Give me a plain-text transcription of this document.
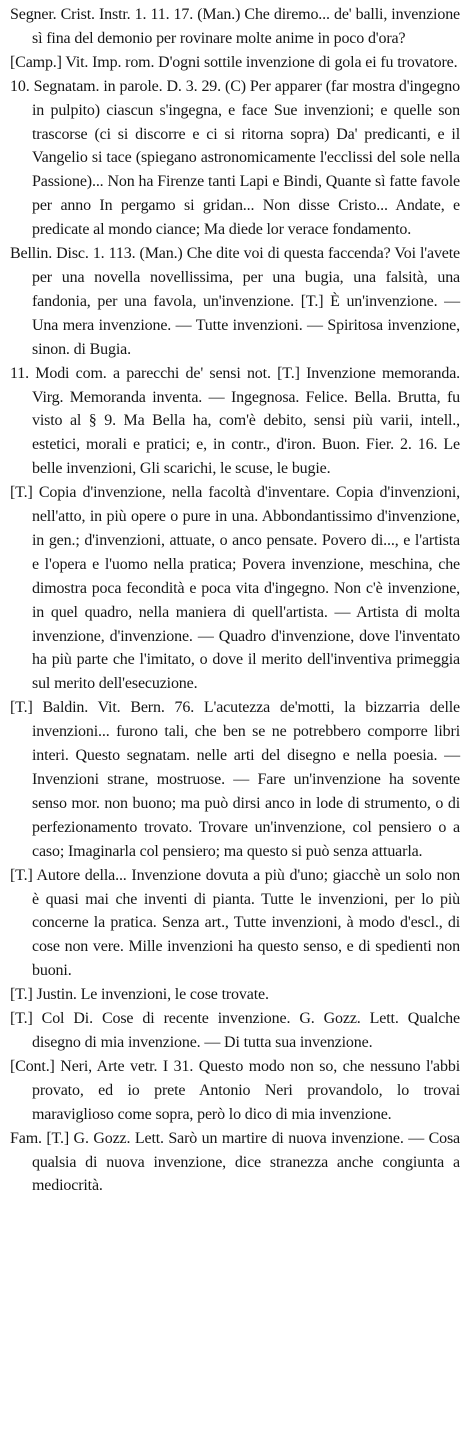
Segner. Crist. Instr. 1. 11. 17. (Man.) Che diremo... de' balli, invenzione sì fina del demonio per rovinare molte anime in poco d'ora?

[Camp.] Vit. Imp. rom. D'ogni sottile invenzione di gola ei fu trovatore.

10. Segnatam. in parole. D. 3. 29. (C) Per apparer (far mostra d'ingegno in pulpito) ciascun s'ingegna, e face Sue invenzioni; e quelle son trascorse (ci si discorre e ci si ritorna sopra) Da' predicanti, e il Vangelio si tace (spiegano astronomicamente l'ecclissi del sole nella Passione)... Non ha Firenze tanti Lapi e Bindi, Quante sì fatte favole per anno In pergamo si gridan... Non disse Cristo... Andate, e predicate al mondo ciance; Ma diede lor verace fondamento.

Bellin. Disc. 1. 113. (Man.) Che dite voi di questa faccenda? Voi l'avete per una novella novellissima, per una bugia, una falsità, una fandonia, per una favola, un'invenzione. [T.] È un'invenzione. — Una mera invenzione. — Tutte invenzioni. — Spiritosa invenzione, sinon. di Bugia.

11. Modi com. a parecchi de' sensi not. [T.] Invenzione memoranda. Virg. Memoranda inventa. — Ingegnosa. Felice. Bella. Brutta, fu visto al § 9. Ma Bella ha, com'è debito, sensi più varii, intell., estetici, morali e pratici; e, in contr., d'iron. Buon. Fier. 2. 16. Le belle invenzioni, Gli scarichi, le scuse, le bugie.

[T.] Copia d'invenzione, nella facoltà d'inventare. Copia d'invenzioni, nell'atto, in più opere o pure in una. Abbondantissimo d'invenzione, in gen.; d'invenzioni, attuate, o anco pensate. Povero di..., e l'artista e l'opera e l'uomo nella pratica; Povera invenzione, meschina, che dimostra poca fecondità e poca vita d'ingegno. Non c'è invenzione, in quel quadro, nella maniera di quell'artista. — Artista di molta invenzione, d'invenzione. — Quadro d'invenzione, dove l'inventato ha più parte che l'imitato, o dove il merito dell'inventiva primeggia sul merito dell'esecuzione.

[T.] Baldin. Vit. Bern. 76. L'acutezza de'motti, la bizzarria delle invenzioni... furono tali, che ben se ne potrebbero comporre libri interi. Questo segnatam. nelle arti del disegno e nella poesia. — Invenzioni strane, mostruose. — Fare un'invenzione ha sovente senso mor. non buono; ma può dirsi anco in lode di strumento, o di perfezionamento trovato. Trovare un'invenzione, col pensiero o a caso; Imaginarla col pensiero; ma questo si può senza attuarla.

[T.] Autore della... Invenzione dovuta a più d'uno; giacchè un solo non è quasi mai che inventi di pianta. Tutte le invenzioni, per lo più concerne la pratica. Senza art., Tutte invenzioni, à modo d'escl., di cose non vere. Mille invenzioni ha questo senso, e di spedienti non buoni.

[T.] Justin. Le invenzioni, le cose trovate.

[T.] Col Di. Cose di recente invenzione. G. Gozz. Lett. Qualche disegno di mia invenzione. — Di tutta sua invenzione.

[Cont.] Neri, Arte vetr. I 31. Questo modo non so, che nessuno l'abbi provato, ed io prete Antonio Neri provandolo, lo trovai maraviglioso come sopra, però lo dico di mia invenzione.

Fam. [T.] G. Gozz. Lett. Sarò un martire di nuova invenzione. — Cosa qualsia di nuova invenzione, dice stranezza anche congiunta a mediocrità.
